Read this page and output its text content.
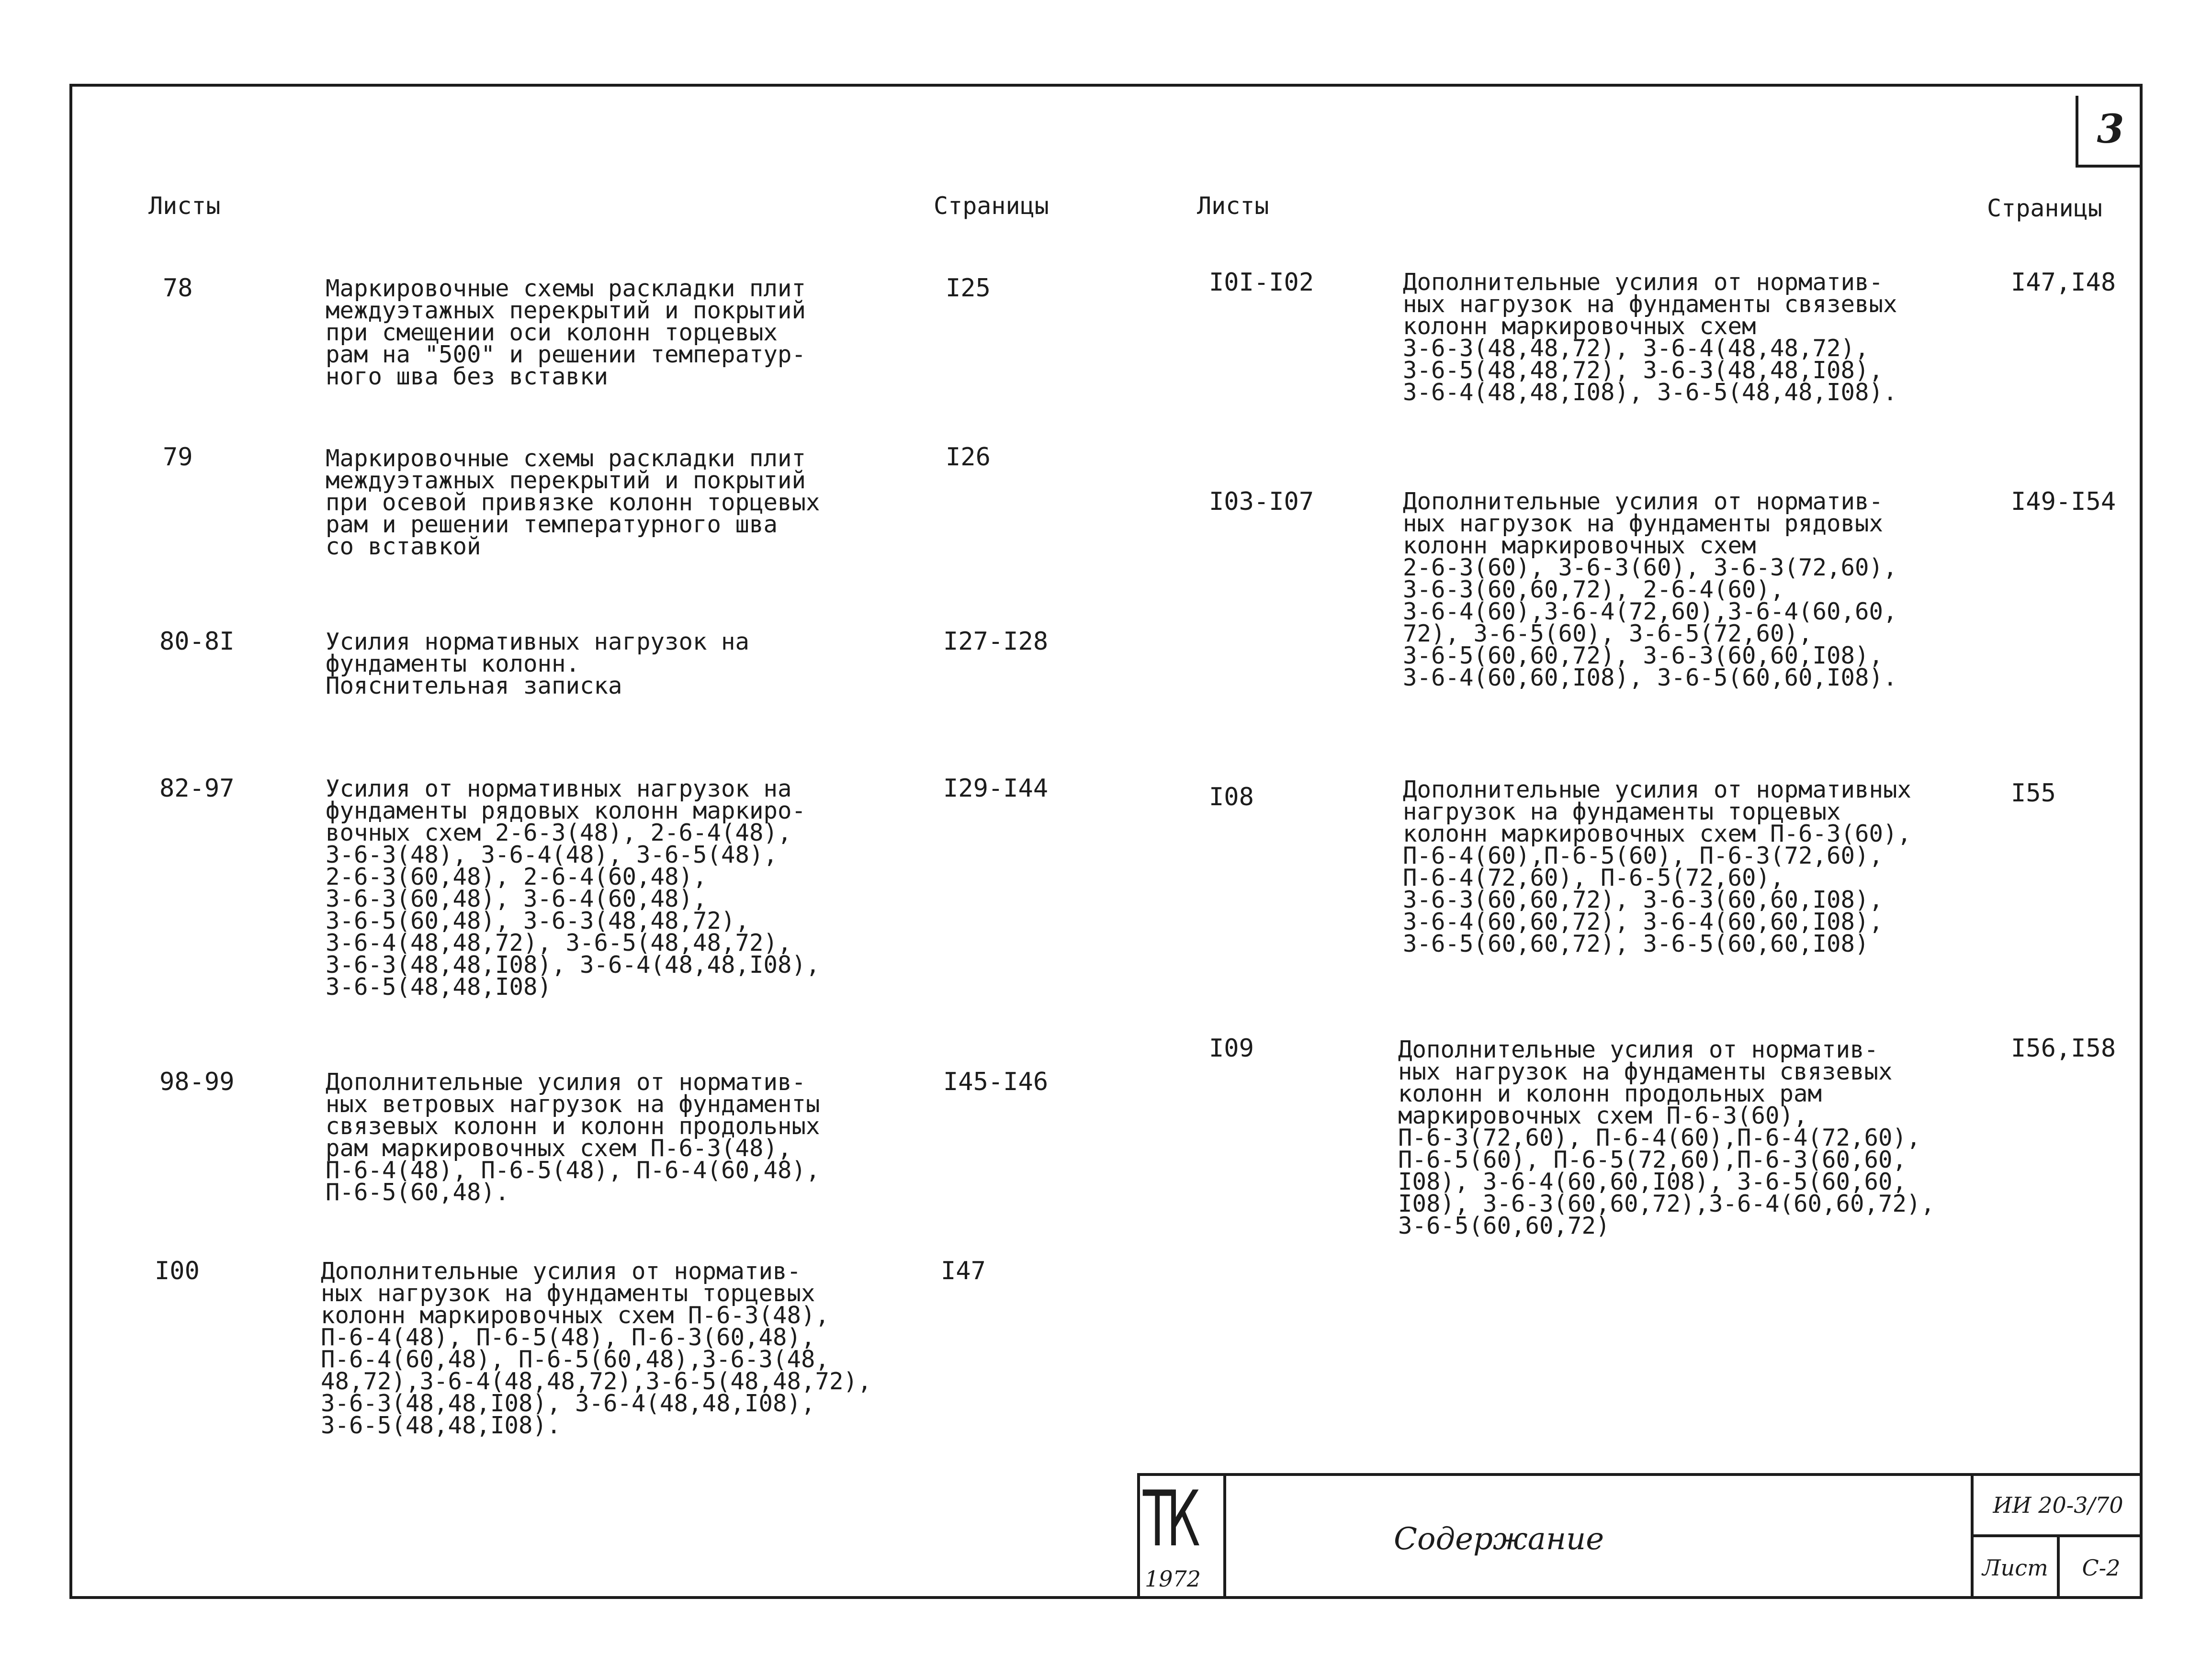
3
Листы	Страницы	Листы	Страницы
78	Маркировочные схемы раскладки плит
междуэтажных перекрытий и покрытий
при смещении оси колонн торцевых
рам на "500" и решении температур-
ного шва без вставки
I25
79	Маркировочные схемы раскладки плит
междуэтажных перекрытий и покрытий
при осевой привязке колонн торцевых
рам и решении температурного шва
со вставкой
I26
80-8I	Усилия нормативных нагрузок на
фундаменты колонн.
Пояснительная записка
I27-I28
82-97	Усилия от нормативных нагрузок на
фундаменты рядовых колонн маркиро-
вочных схем 2-6-3(48), 2-6-4(48),
3-6-3(48), 3-6-4(48), 3-6-5(48),
2-6-3(60,48), 2-6-4(60,48),
3-6-3(60,48), 3-6-4(60,48),
3-6-5(60,48), 3-6-3(48,48,72),
3-6-4(48,48,72), 3-6-5(48,48,72),
3-6-3(48,48,I08), 3-6-4(48,48,I08),
3-6-5(48,48,I08)
I29-I44
98-99	Дополнительные усилия от норматив-
ных ветровых нагрузок на фундаменты
связевых колонн и колонн продольных
рам маркировочных схем П-6-3(48),
П-6-4(48), П-6-5(48), П-6-4(60,48),
П-6-5(60,48).
I45-I46
I00	Дополнительные усилия от норматив-
ных нагрузок на фундаменты торцевых
колонн маркировочных схем П-6-3(48),
П-6-4(48), П-6-5(48), П-6-3(60,48),
П-6-4(60,48), П-6-5(60,48),3-6-3(48,
48,72),3-6-4(48,48,72),3-6-5(48,48,72),
3-6-3(48,48,I08), 3-6-4(48,48,I08),
3-6-5(48,48,I08).
I47
I0I-I02	Дополнительные усилия от норматив-
ных нагрузок на фундаменты связевых
колонн маркировочных схем
3-6-3(48,48,72), 3-6-4(48,48,72),
3-6-5(48,48,72), 3-6-3(48,48,I08),
3-6-4(48,48,I08), 3-6-5(48,48,I08).
I47,I48
I03-I07	Дополнительные усилия от норматив-
ных нагрузок на фундаменты рядовых
колонн маркировочных схем
2-6-3(60), 3-6-3(60), 3-6-3(72,60),
3-6-3(60,60,72), 2-6-4(60),
3-6-4(60),3-6-4(72,60),3-6-4(60,60,
72), 3-6-5(60), 3-6-5(72,60),
3-6-5(60,60,72), 3-6-3(60,60,I08),
3-6-4(60,60,I08), 3-6-5(60,60,I08).
I49-I54
I08	Дополнительные усилия от нормативных
нагрузок на фундаменты торцевых
колонн маркировочных схем П-6-3(60),
П-6-4(60),П-6-5(60), П-6-3(72,60),
П-6-4(72,60), П-6-5(72,60),
3-6-3(60,60,72), 3-6-3(60,60,I08),
3-6-4(60,60,72), 3-6-4(60,60,I08),
3-6-5(60,60,72), 3-6-5(60,60,I08)
I55
I09	Дополнительные усилия от норматив-
ных нагрузок на фундаменты связевых
колонн и колонн продольных рам
маркировочных схем П-6-3(60),
П-6-3(72,60), П-6-4(60),П-6-4(72,60),
П-6-5(60), П-6-5(72,60),П-6-3(60,60,
I08), 3-6-4(60,60,I08), 3-6-5(60,60,
I08), 3-6-3(60,60,72),3-6-4(60,60,72),
3-6-5(60,60,72)
I56,I58
ТК
1972
Содержание
ИИ 20-3/70
Лист	С-2
